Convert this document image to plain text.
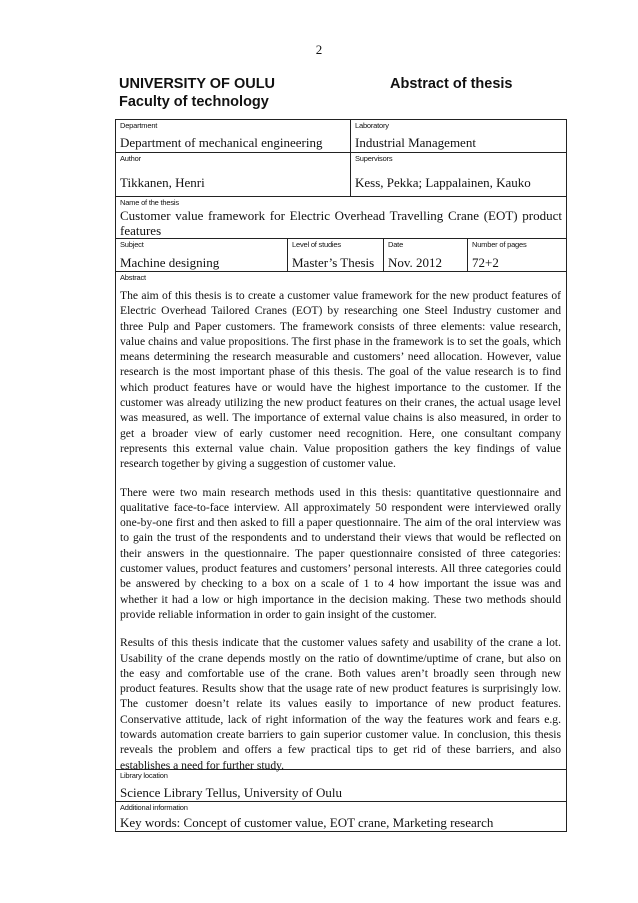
2
UNIVERSITY OF OULU
Faculty of technology
Abstract of thesis
Department
Department of mechanical engineering
Laboratory
Industrial Management
Author
Tikkanen, Henri
Supervisors
Kess, Pekka; Lappalainen, Kauko
Name of the thesis
Customer value framework for Electric Overhead Travelling Crane (EOT) product features
Subject
Machine designing
Level of studies
Master’s Thesis
Date
Nov. 2012
Number of pages
72+2
Abstract

The aim of this thesis is to create a customer value framework for the new product features of Electric Overhead Tailored Cranes (EOT) by researching one Steel Industry customer and three Pulp and Paper customers. The framework consists of three elements: value research, value chains and value propositions. The first phase in the framework is to set the goals, which means determining the research measurable and customers’ need allocation. However, value research is the most important phase of this thesis. The goal of the value research is to find which product features have or would have the highest importance to the customer. If the customer was already utilizing the new product features on their cranes, the actual usage level was measured, as well. The importance of external value chains is also measured, in order to get a broader view of early customer need recognition. Here, one consultant company represents this external value chain. Value proposition gathers the key findings of value research together by giving a suggestion of customer value.

There were two main research methods used in this thesis: quantitative questionnaire and qualitative face-to-face interview. All approximately 50 respondent were interviewed orally one-by-one first and then asked to fill a paper questionnaire. The aim of the oral interview was to gain the trust of the respondents and to understand their views that would be reflected on their answers in the questionnaire. The paper questionnaire consisted of three categories: customer values, product features and customers’ personal interests. All three categories could be answered by checking to a box on a scale of 1 to 4 how important the issue was and whether it had a low or high importance in the decision making. These two methods should provide reliable information in order to gain insight of the customer.

Results of this thesis indicate that the customer values safety and usability of the crane a lot. Usability of the crane depends mostly on the ratio of downtime/uptime of crane, but also on the easy and comfortable use of the crane. Both values aren’t broadly seen through new product features. Results show that the usage rate of new product features is surprisingly low. The customer doesn’t relate its values easily to importance of new product features. Conservative attitude, lack of right information of the way the features work and fears e.g. towards automation create barriers to gain superior customer value. In conclusion, this thesis reveals the problem and offers a few practical tips to get rid of these barriers, and also establishes a need for further study.

Library location
Science Library Tellus, University of Oulu
Additional information
Key words: Concept of customer value, EOT crane, Marketing research
